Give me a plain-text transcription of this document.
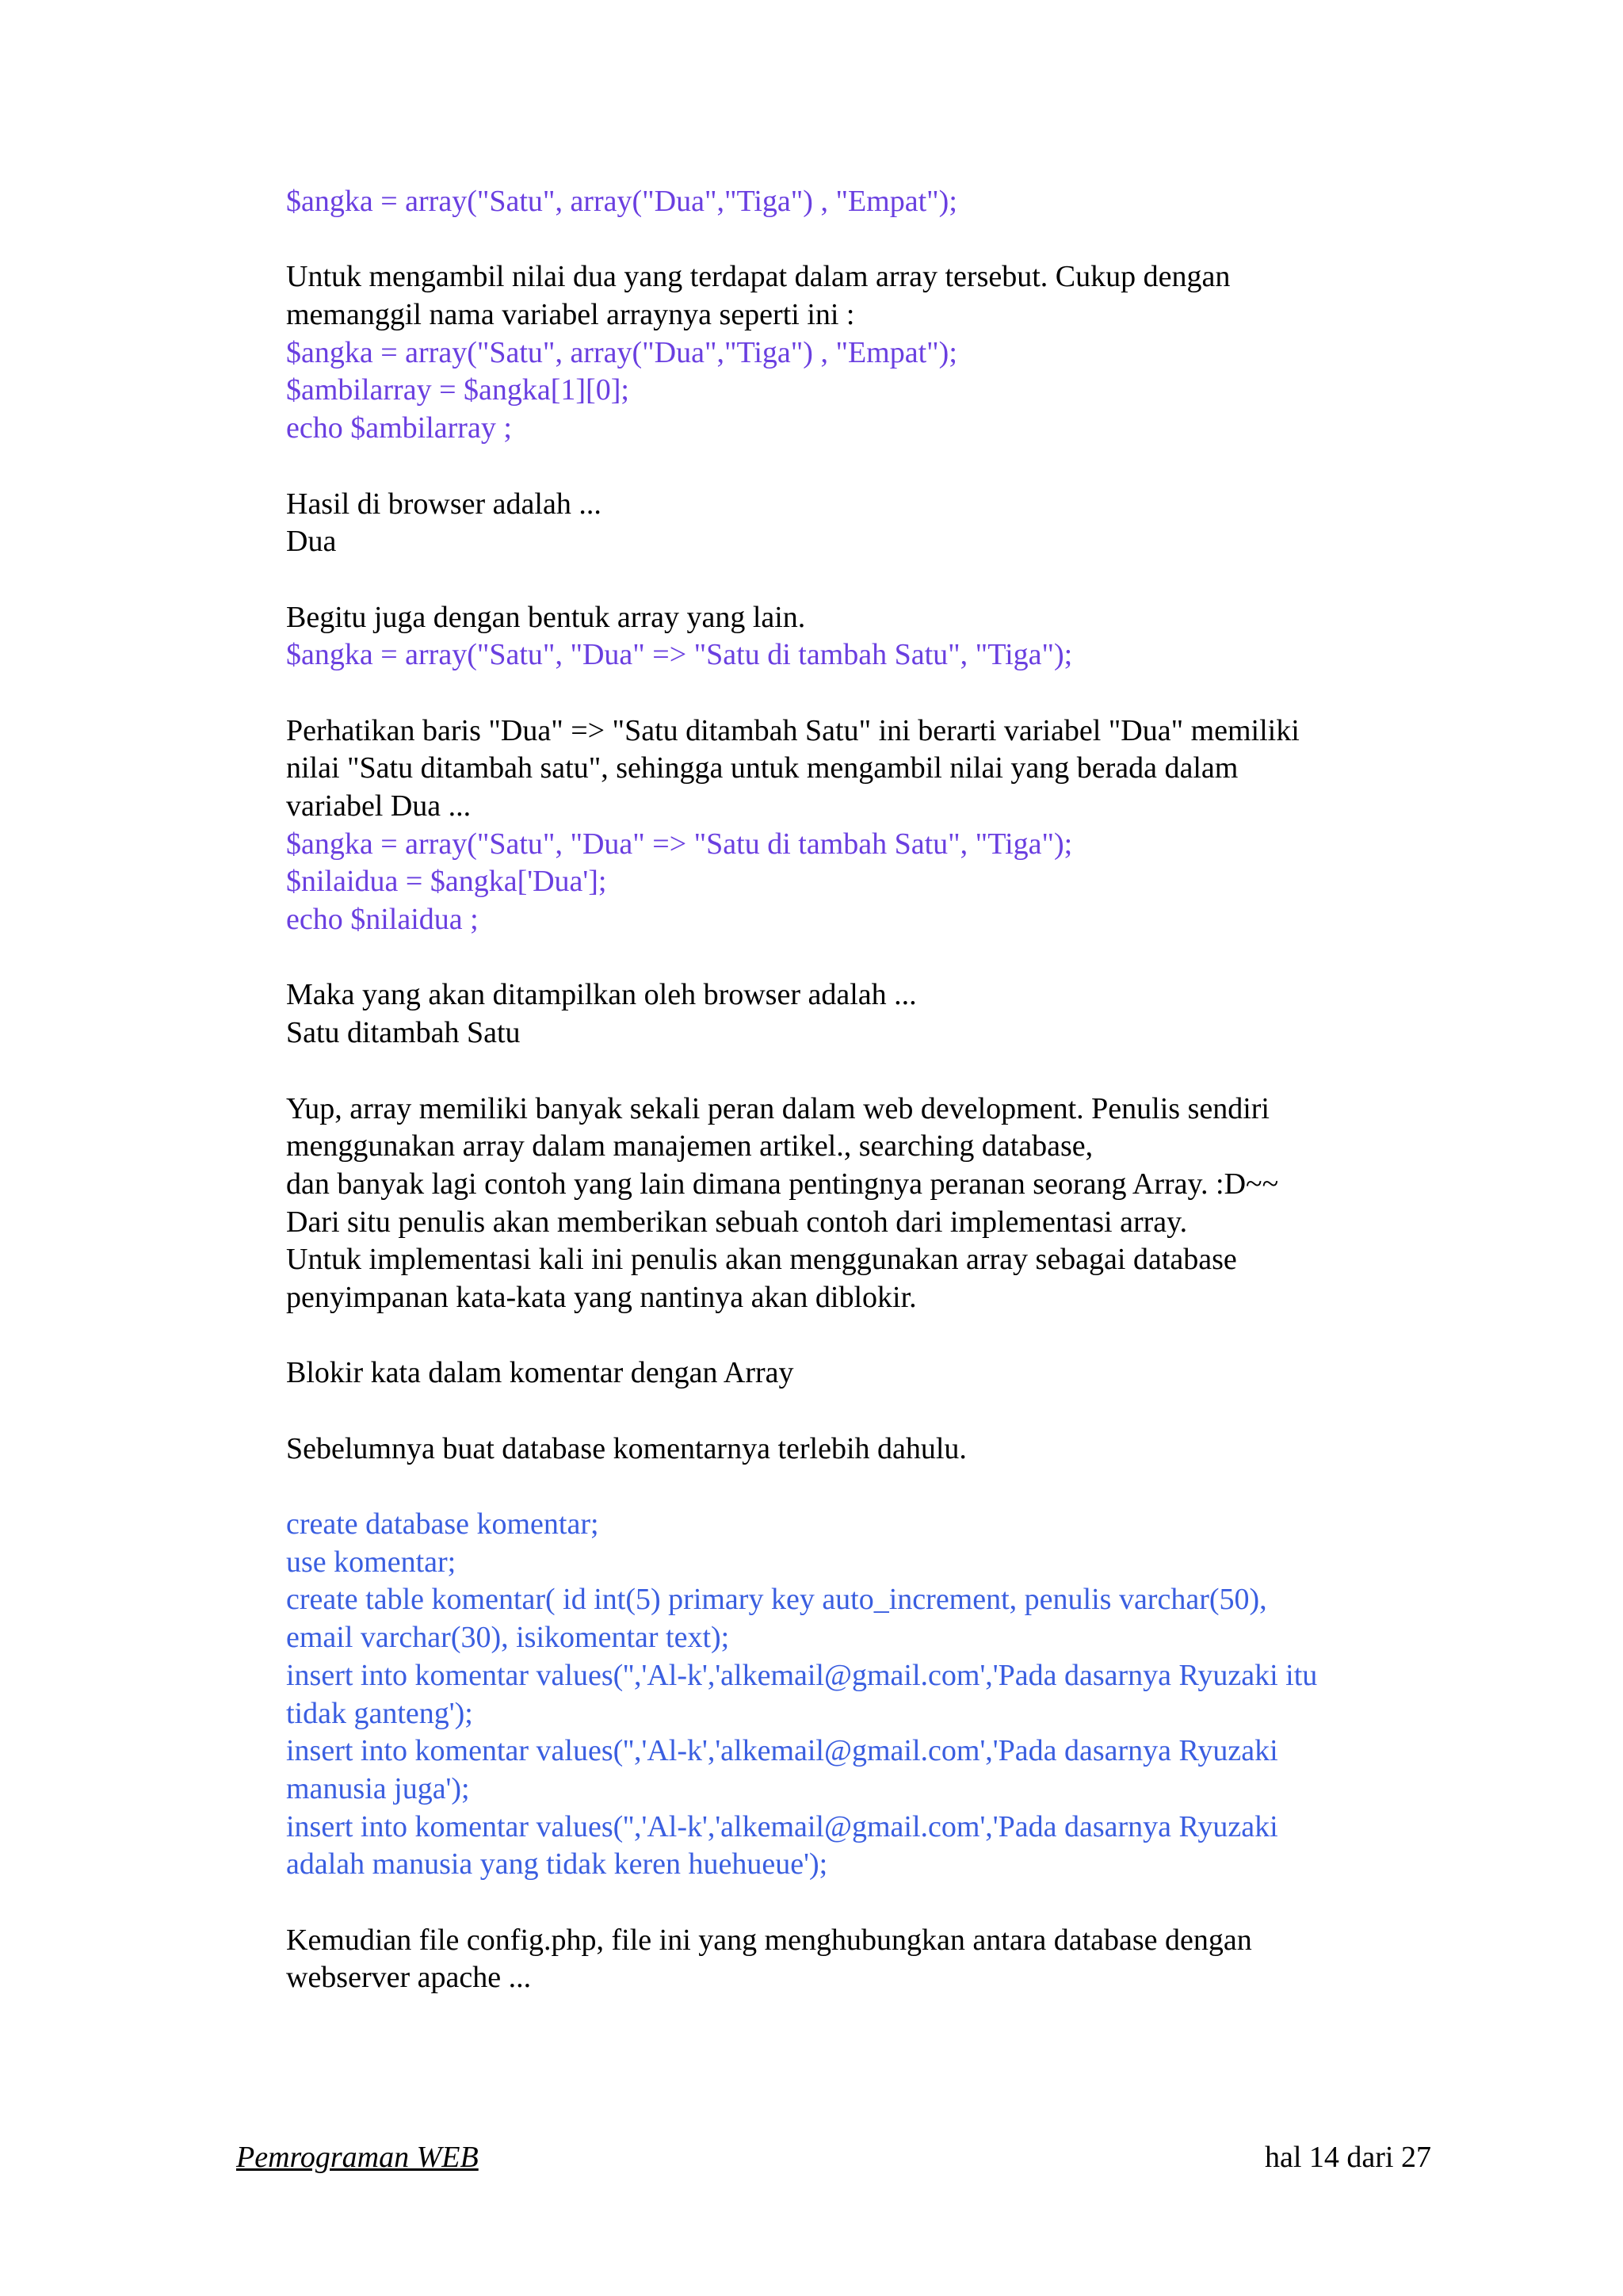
$angka = array("Satu", array("Dua","Tiga") , "Empat");
Untuk mengambil nilai dua yang terdapat dalam array tersebut. Cukup dengan
memanggil nama variabel arraynya seperti ini :
$angka = array("Satu", array("Dua","Tiga") , "Empat");
$ambilarray = $angka[1][0];
echo $ambilarray ;
Hasil di browser adalah ...
Dua
Begitu juga dengan bentuk array yang lain.
$angka = array("Satu", "Dua" => "Satu di tambah Satu", "Tiga");
Perhatikan baris "Dua" => "Satu ditambah Satu" ini berarti variabel "Dua" memiliki
nilai "Satu ditambah satu", sehingga untuk mengambil nilai yang berada dalam
variabel Dua ...
$angka = array("Satu", "Dua" => "Satu di tambah Satu", "Tiga");
$nilaidua = $angka['Dua'];
echo $nilaidua ;
Maka yang akan ditampilkan oleh browser adalah ...
Satu ditambah Satu
Yup, array memiliki banyak sekali peran dalam web development. Penulis sendiri
menggunakan array dalam manajemen artikel., searching database,
dan banyak lagi contoh yang lain dimana pentingnya peranan seorang Array. :D~~
Dari situ penulis akan memberikan sebuah contoh dari implementasi array.
Untuk implementasi kali ini penulis akan menggunakan array sebagai database
penyimpanan kata-kata yang nantinya akan diblokir.
Blokir kata dalam komentar dengan Array
Sebelumnya buat database komentarnya terlebih dahulu.
create database komentar;
use komentar;
create table komentar( id int(5) primary key auto_increment, penulis varchar(50),
email varchar(30), isikomentar text);
insert into komentar values('','Al-k','alkemail@gmail.com','Pada dasarnya Ryuzaki itu
tidak ganteng');
insert into komentar values('','Al-k','alkemail@gmail.com','Pada dasarnya Ryuzaki
manusia juga');
insert into komentar values('','Al-k','alkemail@gmail.com','Pada dasarnya Ryuzaki
adalah manusia yang tidak keren huehueue');
Kemudian file config.php, file ini yang menghubungkan antara database dengan
webserver apache ...
Pemrograman WEB	hal 14 dari 27
